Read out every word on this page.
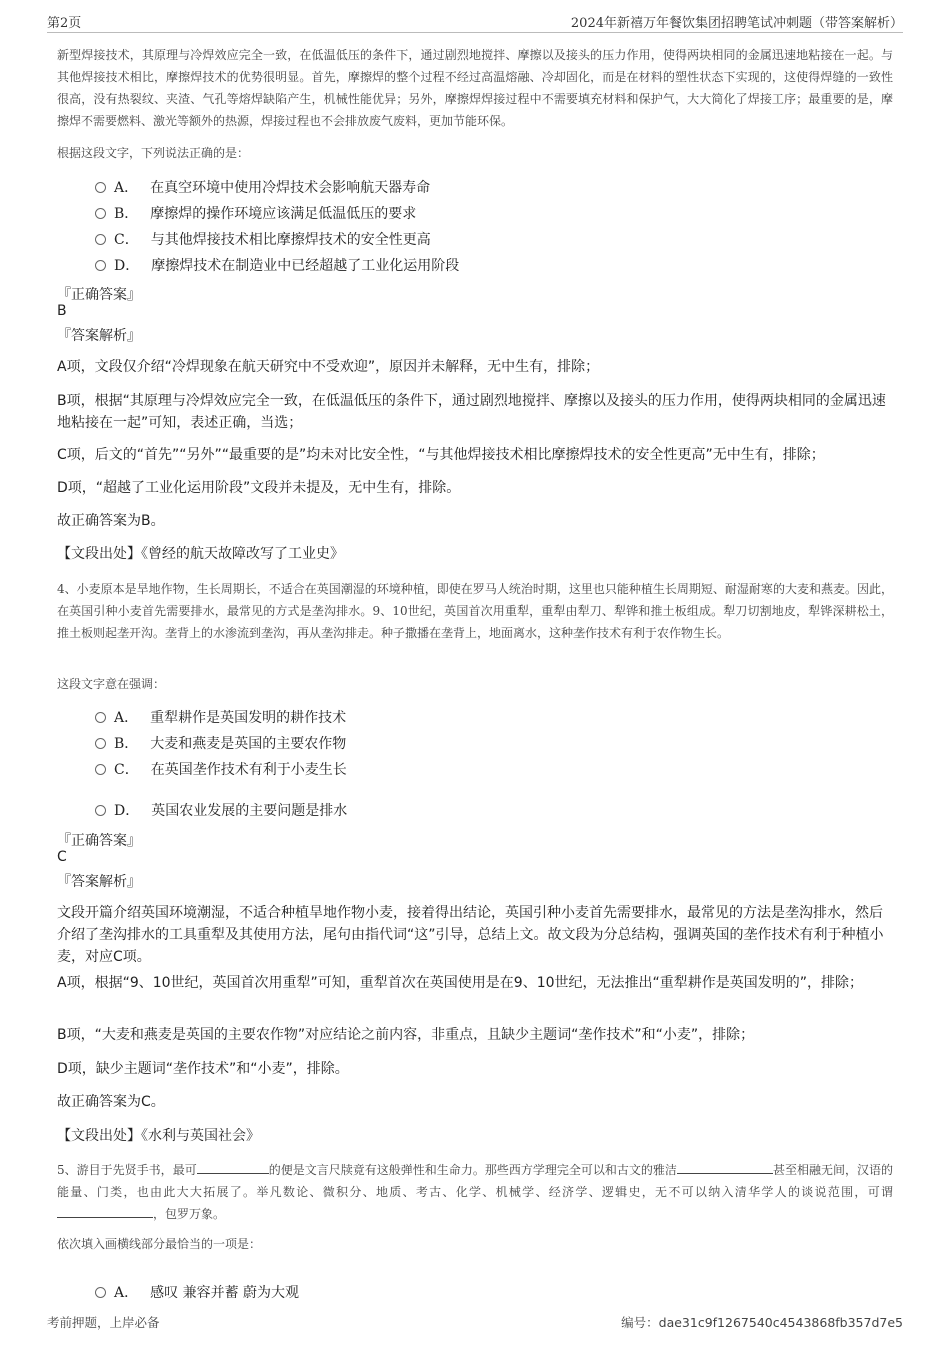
第2页	2024年新禧万年餐饮集团招聘笔试冲刺题（带答案解析）
新型焊接技术，其原理与冷焊效应完全一致，在低温低压的条件下，通过剧烈地搅拌、摩擦以及接头的压力作用，使得两块相同的金属迅速地粘接在一起。与其他焊接技术相比，摩擦焊技术的优势很明显。首先，摩擦焊的整个过程不经过高温熔融、冷却固化，而是在材料的塑性状态下实现的，这使得焊缝的一致性很高，没有热裂纹、夹渣、气孔等熔焊缺陷产生，机械性能优异；另外，摩擦焊焊接过程中不需要填充材料和保护气，大大简化了焊接工序；最重要的是，摩擦焊不需要燃料、激光等额外的热源，焊接过程也不会排放废气废料，更加节能环保。
根据这段文字，下列说法正确的是：
A． 在真空环境中使用冷焊技术会影响航天器寿命
B． 摩擦焊的操作环境应该满足低温低压的要求
C． 与其他焊接技术相比摩擦焊技术的安全性更高
D． 摩擦焊技术在制造业中已经超越了工业化运用阶段
『正确答案』
B
『答案解析』
A项，文段仅介绍“冷焊现象在航天研究中不受欢迎”，原因并未解释，无中生有，排除；
B项，根据“其原理与冷焊效应完全一致，在低温低压的条件下，通过剧烈地搅拌、摩擦以及接头的压力作用，使得两块相同的金属迅速地粘接在一起”可知，表述正确，当选；
C项，后文的“首先”“另外”“最重要的是”均未对比安全性，“与其他焊接技术相比摩擦焊技术的安全性更高”无中生有，排除；
D项，“超越了工业化运用阶段”文段并未提及，无中生有，排除。
故正确答案为B。
【文段出处】《曾经的航天故障改写了工业史》
4、小麦原本是旱地作物，生长周期长，不适合在英国潮湿的环境种植，即使在罗马人统治时期，这里也只能种植生长周期短、耐湿耐寒的大麦和燕麦。因此，在英国引种小麦首先需要排水，最常见的方式是垄沟排水。9、10世纪，英国首次用重犁，重犁由犁刀、犁铧和推土板组成。犁刀切割地皮，犁铧深耕松土，推土板则起垄开沟。垄背上的水渗流到垄沟，再从垄沟排走。种子撒播在垄背上，地面离水，这种垄作技术有利于农作物生长。
这段文字意在强调：
A． 重犁耕作是英国发明的耕作技术
B． 大麦和燕麦是英国的主要农作物
C． 在英国垄作技术有利于小麦生长
D． 英国农业发展的主要问题是排水
『正确答案』
C
『答案解析』
文段开篇介绍英国环境潮湿，不适合种植旱地作物小麦，接着得出结论，英国引种小麦首先需要排水，最常见的方法是垄沟排水，然后介绍了垄沟排水的工具重犁及其使用方法，尾句由指代词“这”引导，总结上文。故文段为分总结构，强调英国的垄作技术有利于种植小麦，对应C项。
A项，根据“9、10世纪，英国首次用重犁”可知，重犁首次在英国使用是在9、10世纪，无法推出“重犁耕作是英国发明的”，排除；
B项，“大麦和燕麦是英国的主要农作物”对应结论之前内容，非重点，且缺少主题词“垄作技术”和“小麦”，排除；
D项，缺少主题词“垄作技术”和“小麦”，排除。
故正确答案为C。
【文段出处】《水利与英国社会》
5、游目于先贤手书，最可	的便是文言尺牍竟有这般弹性和生命力。那些西方学理完全可以和古文的雅洁	甚至相融无间，汉语的能量、门类，也由此大大拓展了。举凡数论、微积分、地质、考古、化学、机械学、经济学、逻辑史，无不可以纳入清华学人的谈说范围，可谓，包罗万象。
依次填入画横线部分最恰当的一项是：
A． 感叹 兼容并蓄 蔚为大观
考前押题，上岸必备	编号：dae31c9f1267540c4543868fb357d7e5
